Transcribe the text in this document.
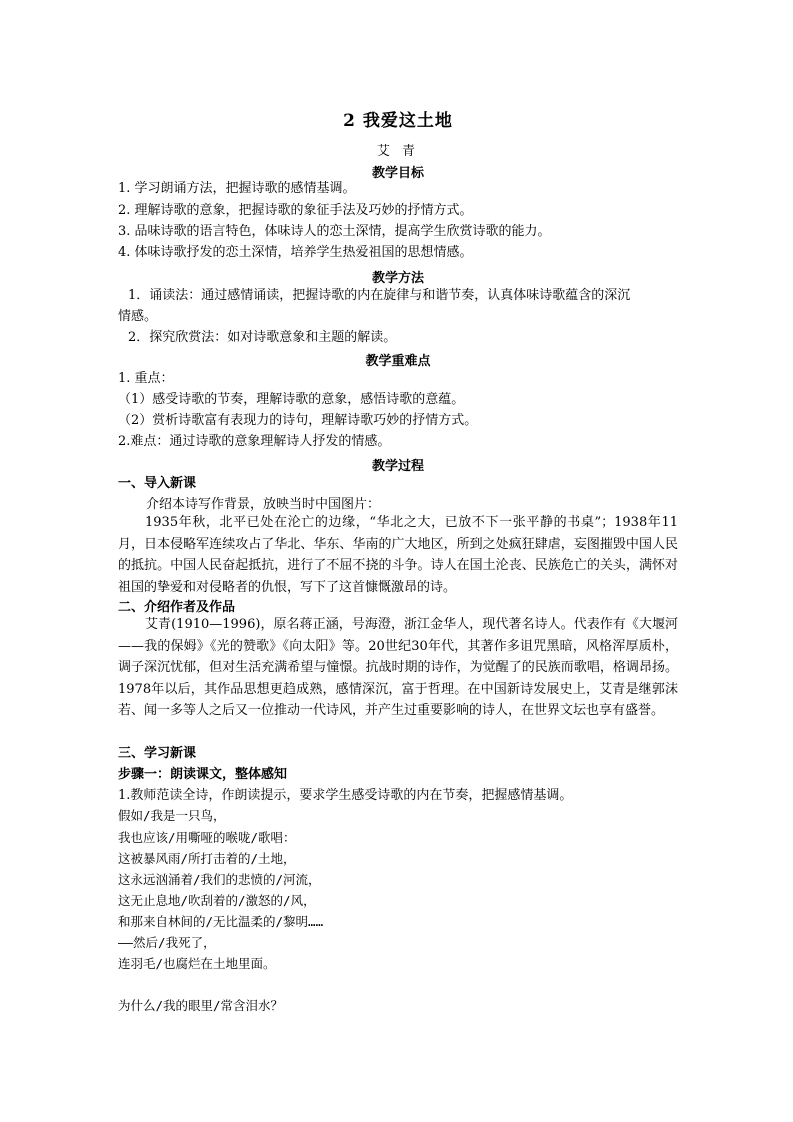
2 我爱这土地
艾 青
教学目标
1. 学习朗诵方法，把握诗歌的感情基调。
2. 理解诗歌的意象，把握诗歌的象征手法及巧妙的抒情方式。
3. 品味诗歌的语言特色，体味诗人的恋土深情，提高学生欣赏诗歌的能力。
4. 体味诗歌抒发的恋土深情，培养学生热爱祖国的思想情感。
教学方法
1．诵读法：通过感情诵读，把握诗歌的内在旋律与和谐节奏，认真体味诗歌蕴含的深沉
情感。
2．探究欣赏法：如对诗歌意象和主题的解读。
教学重难点
1. 重点：
（1）感受诗歌的节奏，理解诗歌的意象，感悟诗歌的意蕴。
（2）赏析诗歌富有表现力的诗句，理解诗歌巧妙的抒情方式。
2.难点：通过诗歌的意象理解诗人抒发的情感。
教学过程
一、导入新课
介绍本诗写作背景，放映当时中国图片：
1935年秋，北平已处在沦亡的边缘，“华北之大，已放不下一张平静的书桌”；1938年11月，日本侵略军连续攻占了华北、华东、华南的广大地区，所到之处疯狂肆虐，妄图摧毁中国人民的抵抗。中国人民奋起抵抗，进行了不屈不挠的斗争。诗人在国土沦丧、民族危亡的关头，满怀对祖国的挚爱和对侵略者的仇恨，写下了这首慷慨激昂的诗。
二、介绍作者及作品
艾青(1910—1996)，原名蒋正涵，号海澄，浙江金华人，现代著名诗人。代表作有《大堰河——我的保姆》《光的赞歌》《向太阳》等。20世纪30年代，其著作多诅咒黑暗，风格浑厚质朴，调子深沉忧郁，但对生活充满希望与憧憬。抗战时期的诗作，为觉醒了的民族而歌唱，格调昂扬。1978年以后，其作品思想更趋成熟，感情深沉，富于哲理。在中国新诗发展史上，艾青是继郭沫若、闻一多等人之后又一位推动一代诗风，并产生过重要影响的诗人，在世界文坛也享有盛誉。
三、学习新课
步骤一：朗读课文，整体感知
1.教师范读全诗，作朗读提示，要求学生感受诗歌的内在节奏，把握感情基调。
假如/我是一只鸟，
我也应该/用嘶哑的喉咙/歌唱：
这被暴风雨/所打击着的/土地，
这永远汹涌着/我们的悲愤的/河流，
这无止息地/吹刮着的/激怒的/风，
和那来自林间的/无比温柔的/黎明……
——然后/我死了，
连羽毛/也腐烂在土地里面。
为什么/我的眼里/常含泪水？
